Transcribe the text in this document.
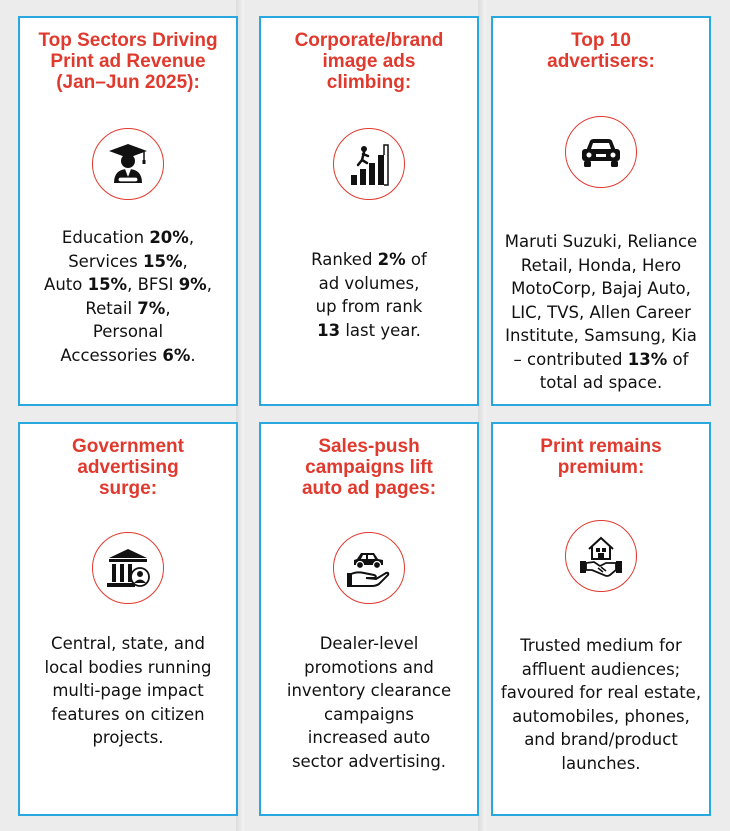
Top Sectors Driving
Print ad Revenue
(Jan–Jun 2025):
Education 20%,
Services 15%,
Auto 15%, BFSI 9%,
Retail 7%,
Personal
Accessories 6%.
Corporate/brand
image ads
climbing:
Ranked 2% of
ad volumes,
up from rank
13 last year.
Top 10
advertisers:
Maruti Suzuki, Reliance
Retail, Honda, Hero
MotoCorp, Bajaj Auto,
LIC, TVS, Allen Career
Institute, Samsung, Kia
– contributed 13% of
total ad space.
Government
advertising
surge:
Central, state, and
local bodies running
multi-page impact
features on citizen
projects.
Sales-push
campaigns lift
auto ad pages:
Dealer-level
promotions and
inventory clearance
campaigns
increased auto
sector advertising.
Print remains
premium:
Trusted medium for
affluent audiences;
favoured for real estate,
automobiles, phones,
and brand/product
launches.
